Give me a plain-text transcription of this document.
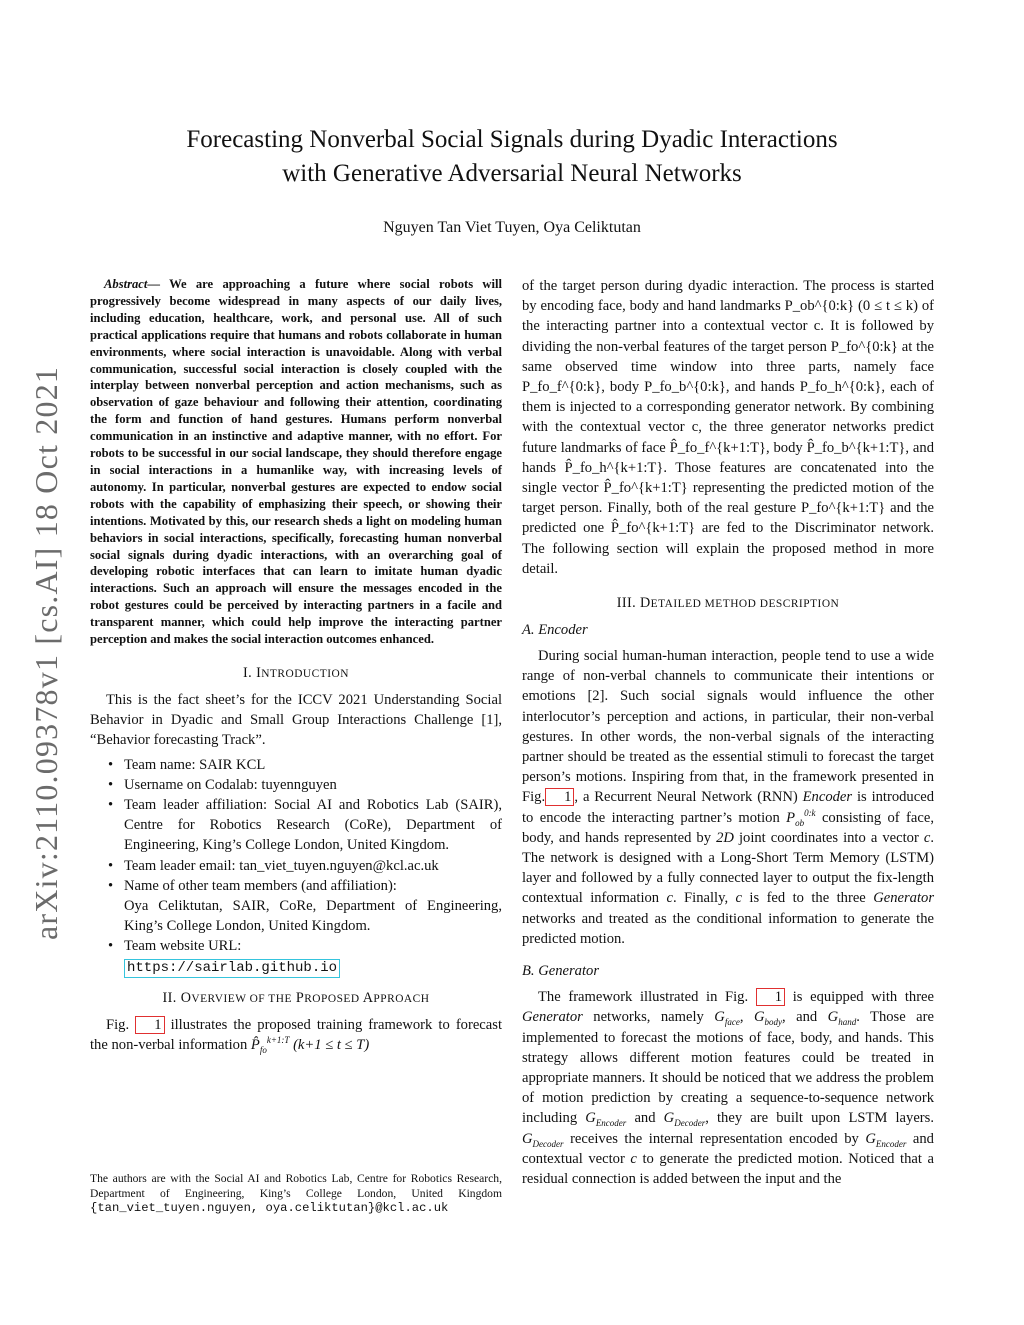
arXiv:2110.09378v1 [cs.AI] 18 Oct 2021
Forecasting Nonverbal Social Signals during Dyadic Interactions
with Generative Adversarial Neural Networks
Nguyen Tan Viet Tuyen, Oya Celiktutan

Abstract— We are approaching a future where social robots will progressively become widespread in many aspects of our daily lives, including education, healthcare, work, and personal use. All of such practical applications require that humans and robots collaborate in human environments, where social interaction is unavoidable. Along with verbal communication, successful social interaction is closely coupled with the interplay between nonverbal perception and action mechanisms, such as observation of gaze behaviour and following their attention, coordinating the form and function of hand gestures. Humans perform nonverbal communication in an instinctive and adaptive manner, with no effort. For robots to be successful in our social landscape, they should therefore engage in social interactions in a humanlike way, with increasing levels of autonomy. In particular, nonverbal gestures are expected to endow social robots with the capability of emphasizing their speech, or showing their intentions. Motivated by this, our research sheds a light on modeling human behaviors in social interactions, specifically, forecasting human nonverbal social signals during dyadic interactions, with an overarching goal of developing robotic interfaces that can learn to imitate human dyadic interactions. Such an approach will ensure the messages encoded in the robot gestures could be perceived by interacting partners in a facile and transparent manner, which could help improve the interacting partner perception and makes the social interaction outcomes enhanced.

I. INTRODUCTION

This is the fact sheet’s for the ICCV 2021 Understanding Social Behavior in Dyadic and Small Group Interactions Challenge [1], “Behavior forecasting Track”.

• Team name: SAIR KCL
• Username on Codalab: tuyennguyen
• Team leader affiliation: Social AI and Robotics Lab (SAIR), Centre for Robotics Research (CoRe), Department of Engineering, King’s College London, United Kingdom.
• Team leader email: tan_viet_tuyen.nguyen@kcl.ac.uk
• Name of other team members (and affiliation):
Oya Celiktutan, SAIR, CoRe, Department of Engineering, King’s College London, United Kingdom.
• Team website URL:
https://sairlab.github.io
II. OVERVIEW OF THE PROPOSED APPROACH

Fig. 1 illustrates the proposed training framework to forecast the non-verbal information $P̂_{fo}^{k+1:T}$ (k+1 ≤ t ≤ T)

of the target person during dyadic interaction. The process is started by encoding face, body and hand landmarks P_ob^{0:k} (0 ≤ t ≤ k) of the interacting partner into a contextual vector c. It is followed by dividing the non-verbal features of the target person P_fo^{0:k} at the same observed time window into three parts, namely face P_fo_f^{0:k}, body P_fo_b^{0:k}, and hands P_fo_h^{0:k}, each of them is injected to a corresponding generator network. By combining with the contextual vector c, the three generator networks predict future landmarks of face P̂_fo_f^{k+1:T}, body P̂_fo_b^{k+1:T}, and hands P̂_fo_h^{k+1:T}. Those features are concatenated into the single vector P̂_fo^{k+1:T} representing the predicted motion of the target person. Finally, both of the real gesture P_fo^{k+1:T} and the predicted one P̂_fo^{k+1:T} are fed to the Discriminator network. The following section will explain the proposed method in more detail.

III. DETAILED METHOD DESCRIPTION
A. Encoder

During social human-human interaction, people tend to use a wide range of non-verbal channels to communicate their intentions or emotions [2]. Such social signals would influence the other interlocutor’s perception and actions, in particular, their non-verbal gestures. In other words, the non-verbal signals of the interacting partner should be treated as the essential stimuli to forecast the target person’s motions. Inspiring from that, in the framework presented in Fig. 1 , a Recurrent Neural Network (RNN) Encoder is introduced to encode the interacting partner’s motion $P_{ob}^{0:k}$ consisting of face, body, and hands represented by 2D joint coordinates into a vector c. The network is designed with a Long-Short Term Memory (LSTM) layer and followed by a fully connected layer to output the fix-length contextual information c. Finally, c is fed to the three Generator networks and treated as the conditional information to generate the predicted motion.

B. Generator

The framework illustrated in Fig. 1 is equipped with three Generator networks, namely $G_{face}$, $G_{body}$, and $G_{hand}$. Those are implemented to forecast the motions of face, body, and hands. This strategy allows different motion features could be treated in appropriate manners. It should be noticed that we address the problem of motion prediction by creating a sequence-to-sequence network including $G_{Encoder}$ and $G_{Decoder}$, they are built upon LSTM layers. $G_{Decoder}$ receives the internal representation encoded by $G_{Encoder}$ and contextual vector c to generate the predicted motion. Noticed that a residual connection is added between the input and the

The authors are with the Social AI and Robotics Lab, Centre for Robotics Research, Department of Engineering, King’s College London, United Kingdom {tan_viet_tuyen.nguyen, oya.celiktutan}@kcl.ac.uk
